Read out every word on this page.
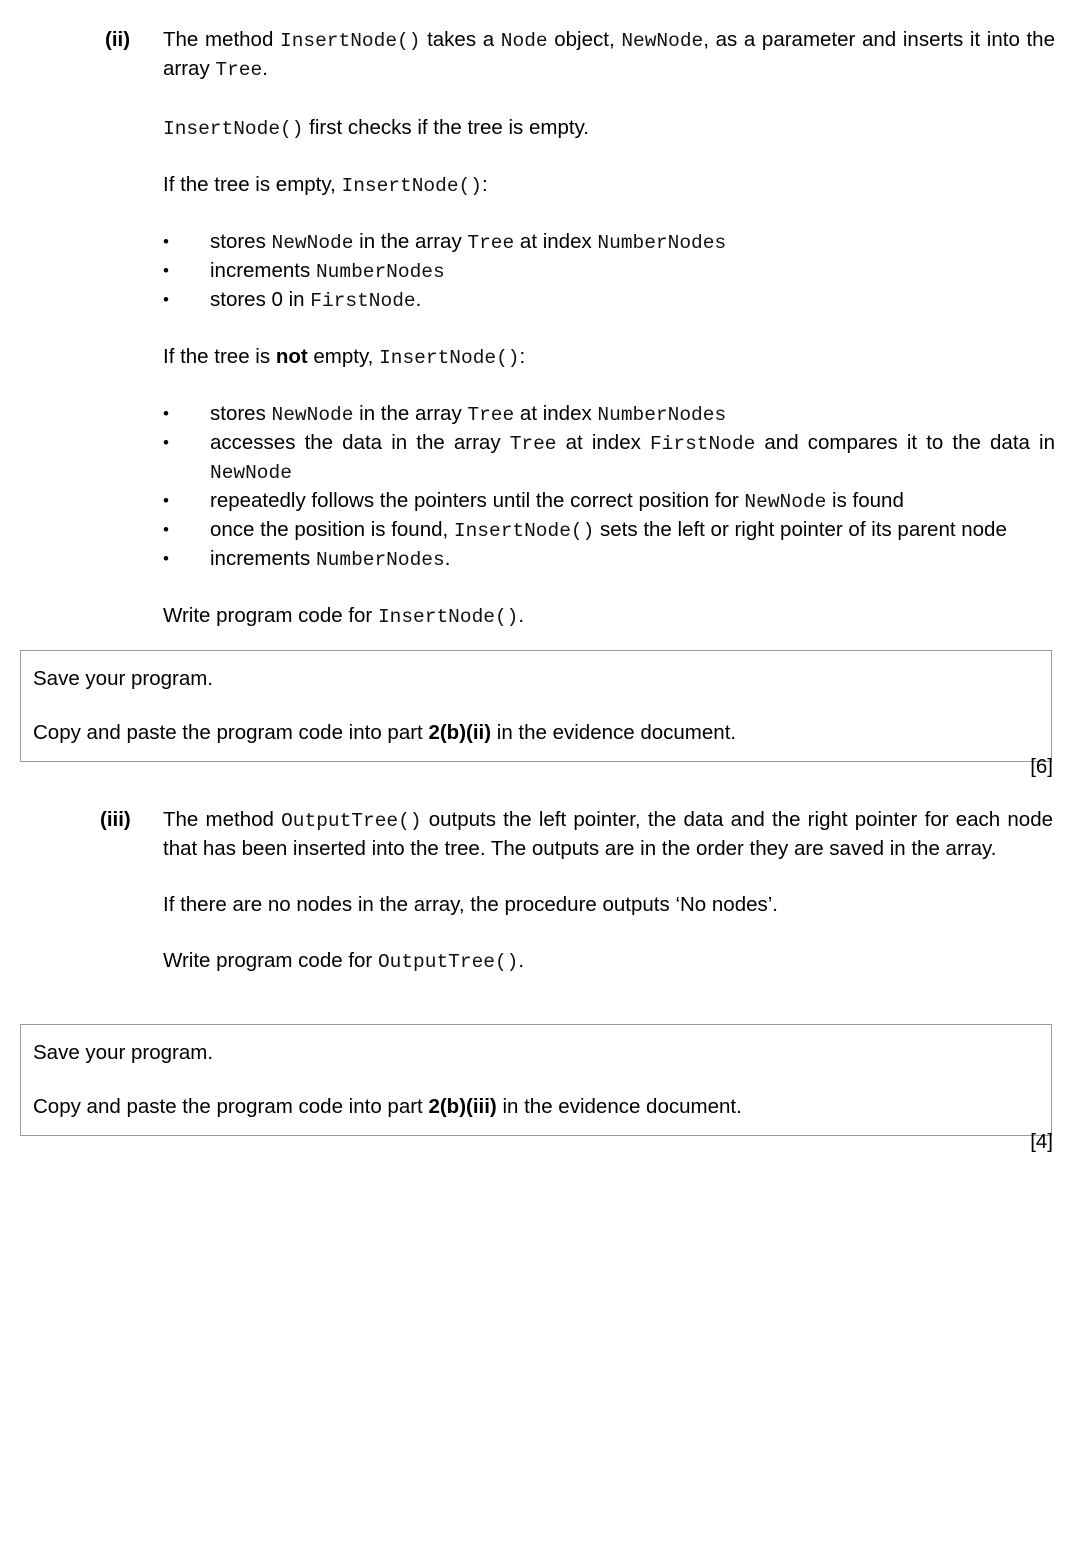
(ii)	The method InsertNode() takes a Node object, NewNode, as a parameter and inserts it into the array Tree.

InsertNode() first checks if the tree is empty.

If the tree is empty, InsertNode():

• stores NewNode in the array Tree at index NumberNodes
• increments NumberNodes
• stores 0 in FirstNode.

If the tree is not empty, InsertNode():

• stores NewNode in the array Tree at index NumberNodes
• accesses the data in the array Tree at index FirstNode and compares it to the data in NewNode
• repeatedly follows the pointers until the correct position for NewNode is found
• once the position is found, InsertNode() sets the left or right pointer of its parent node
• increments NumberNodes.

Write program code for InsertNode().

Save your program.
Copy and paste the program code into part 2(b)(ii) in the evidence document.
[6]
(iii)	The method OutputTree() outputs the left pointer, the data and the right pointer for each node that has been inserted into the tree. The outputs are in the order they are saved in the array.

If there are no nodes in the array, the procedure outputs ‘No nodes’.

Write program code for OutputTree().

Save your program.
Copy and paste the program code into part 2(b)(iii) in the evidence document.
[4]
